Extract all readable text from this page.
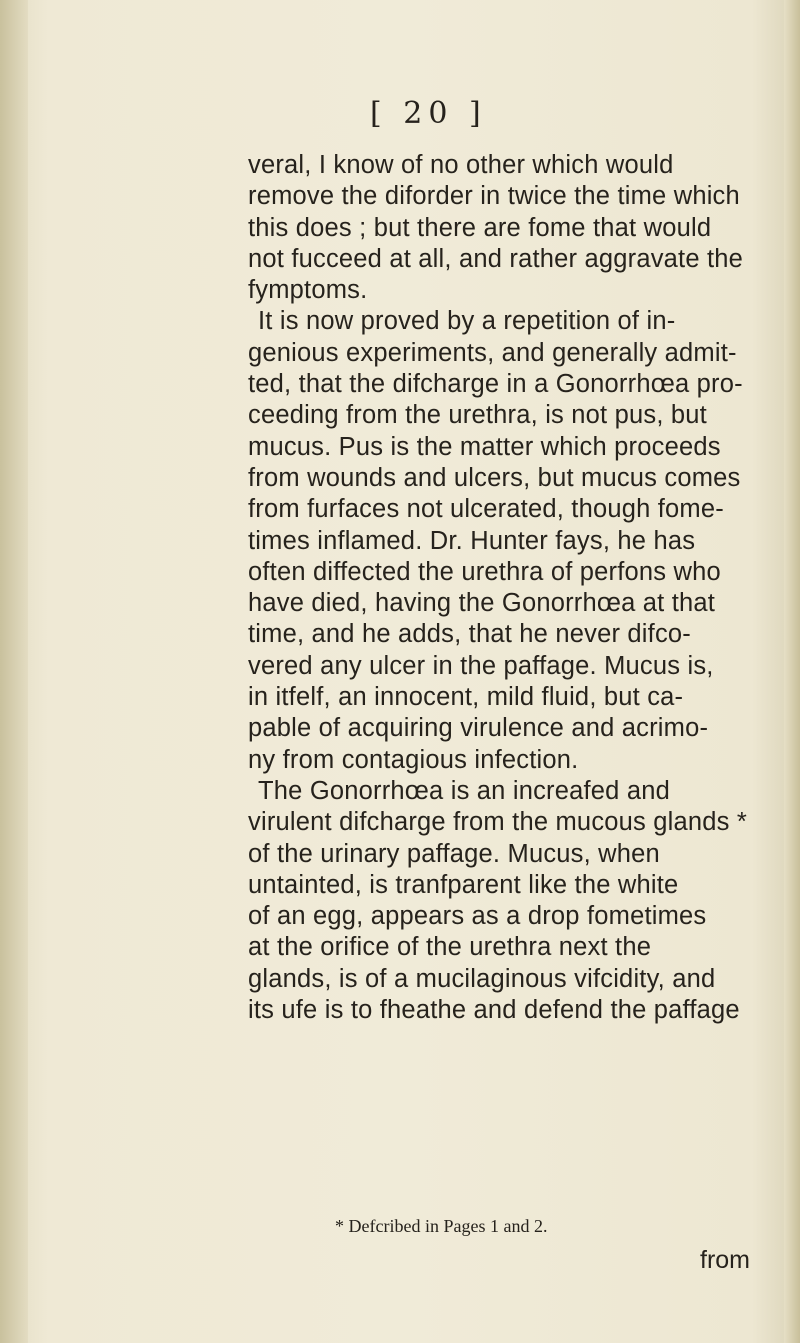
[ 20 ]
veral, I know of no other which would
remove the diforder in twice the time which
this does ; but there are fome that would
not fucceed at all, and rather aggravate the
fymptoms.
It is now proved by a repetition of in-
genious experiments, and generally admit-
ted, that the difcharge in a Gonorrhœa pro-
ceeding from the urethra, is not pus, but
mucus. Pus is the matter which proceeds
from wounds and ulcers, but mucus comes
from furfaces not ulcerated, though fome-
times inflamed. Dr. Hunter fays, he has
often diffected the urethra of perfons who
have died, having the Gonorrhœa at that
time, and he adds, that he never difco-
vered any ulcer in the paffage. Mucus is,
in itfelf, an innocent, mild fluid, but ca-
pable of acquiring virulence and acrimo-
ny from contagious infection.
The Gonorrhœa is an increafed and
virulent difcharge from the mucous glands *
of the urinary paffage. Mucus, when
untainted, is tranfparent like the white
of an egg, appears as a drop fometimes
at the orifice of the urethra next the
glands, is of a mucilaginous vifcidity, and
its ufe is to fheathe and defend the paffage
* Defcribed in Pages 1 and 2.
from
